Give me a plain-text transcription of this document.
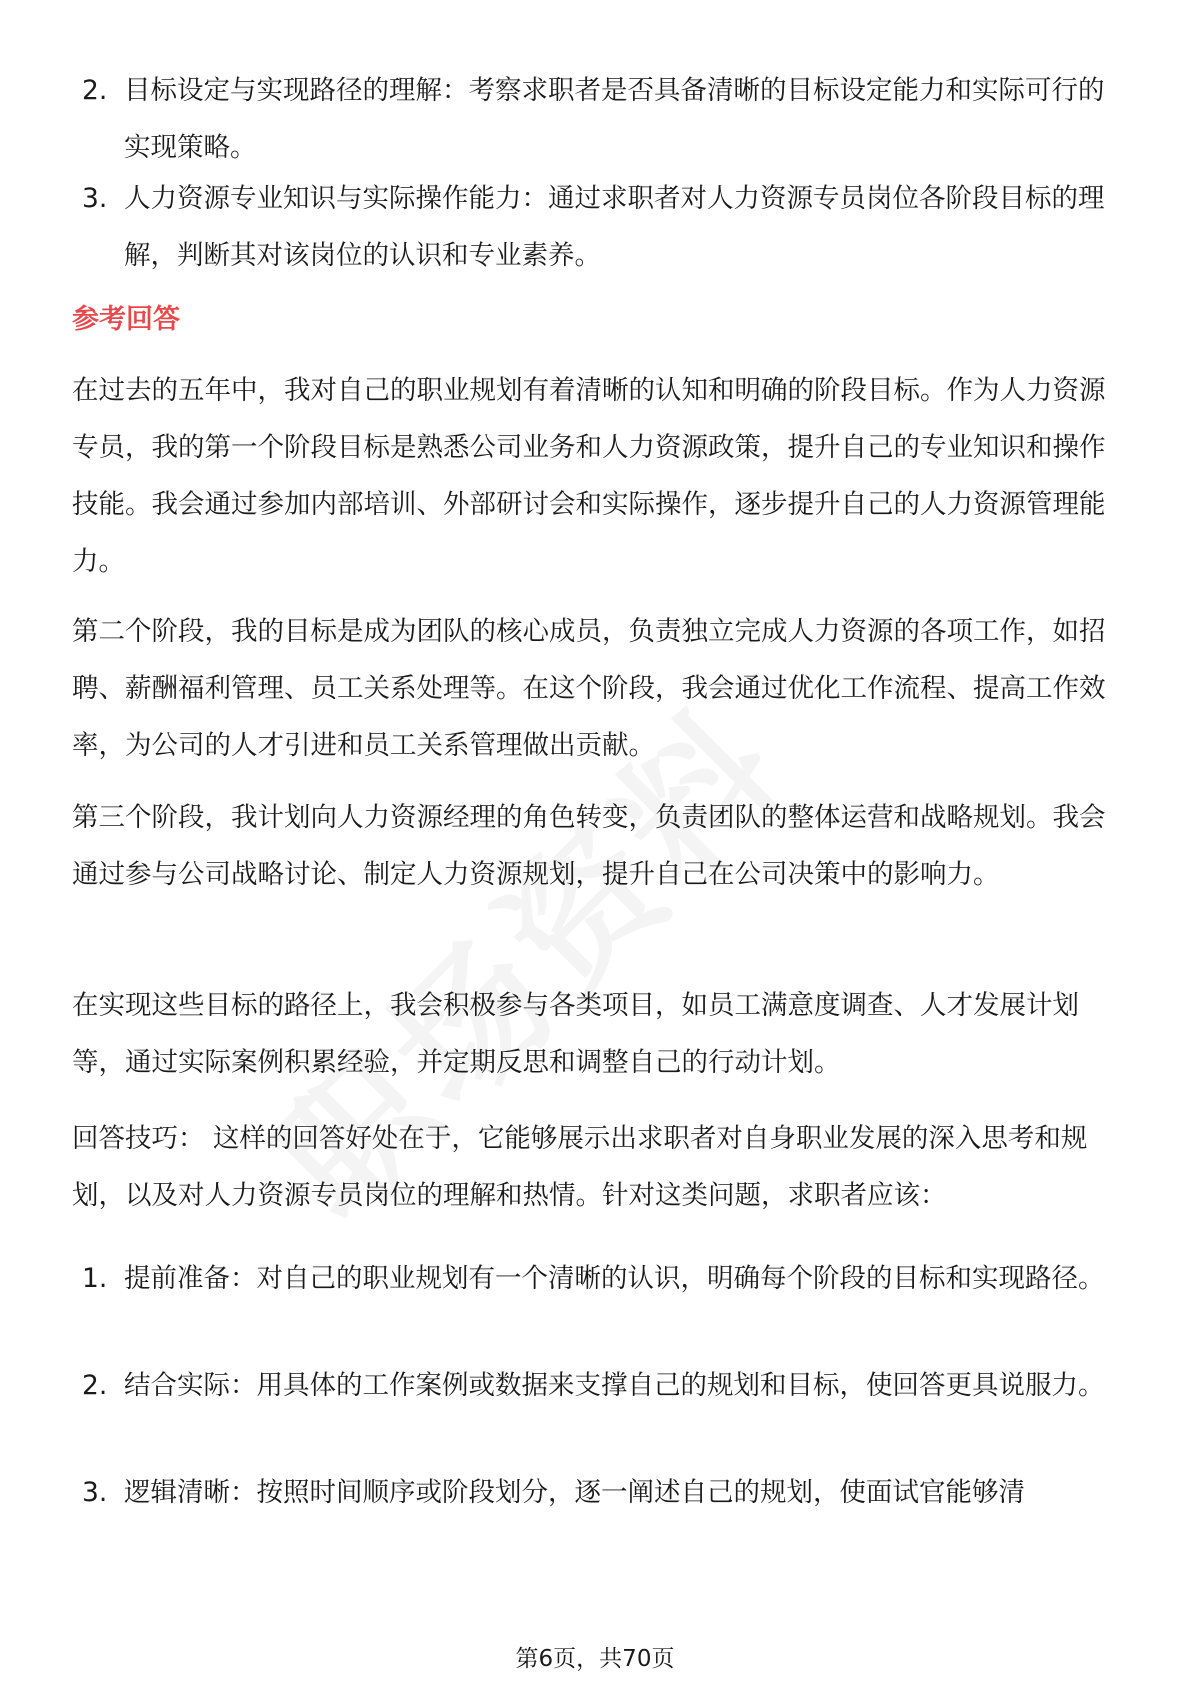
2. 目标设定与实现路径的理解：考察求职者是否具备清晰的目标设定能力和实际可行的实现策略。
3. 人力资源专业知识与实际操作能力：通过求职者对人力资源专员岗位各阶段目标的理解，判断其对该岗位的认识和专业素养。
参考回答
在过去的五年中，我对自己的职业规划有着清晰的认知和明确的阶段目标。作为人力资源专员，我的第一个阶段目标是熟悉公司业务和人力资源政策，提升自己的专业知识和操作技能。我会通过参加内部培训、外部研讨会和实际操作，逐步提升自己的人力资源管理能力。
第二个阶段，我的目标是成为团队的核心成员，负责独立完成人力资源的各项工作，如招聘、薪酬福利管理、员工关系处理等。在这个阶段，我会通过优化工作流程、提高工作效率，为公司的人才引进和员工关系管理做出贡献。
第三个阶段，我计划向人力资源经理的角色转变，负责团队的整体运营和战略规划。我会通过参与公司战略讨论、制定人力资源规划，提升自己在公司决策中的影响力。
在实现这些目标的路径上，我会积极参与各类项目，如员工满意度调查、人才发展计划等，通过实际案例积累经验，并定期反思和调整自己的行动计划。
回答技巧： 这样的回答好处在于，它能够展示出求职者对自身职业发展的深入思考和规划，以及对人力资源专员岗位的理解和热情。针对这类问题，求职者应该：
1. 提前准备：对自己的职业规划有一个清晰的认识，明确每个阶段的目标和实现路径。
2. 结合实际：用具体的工作案例或数据来支撑自己的规划和目标，使回答更具说服力。
3. 逻辑清晰：按照时间顺序或阶段划分，逐一阐述自己的规划，使面试官能够清
第6页，共70页
